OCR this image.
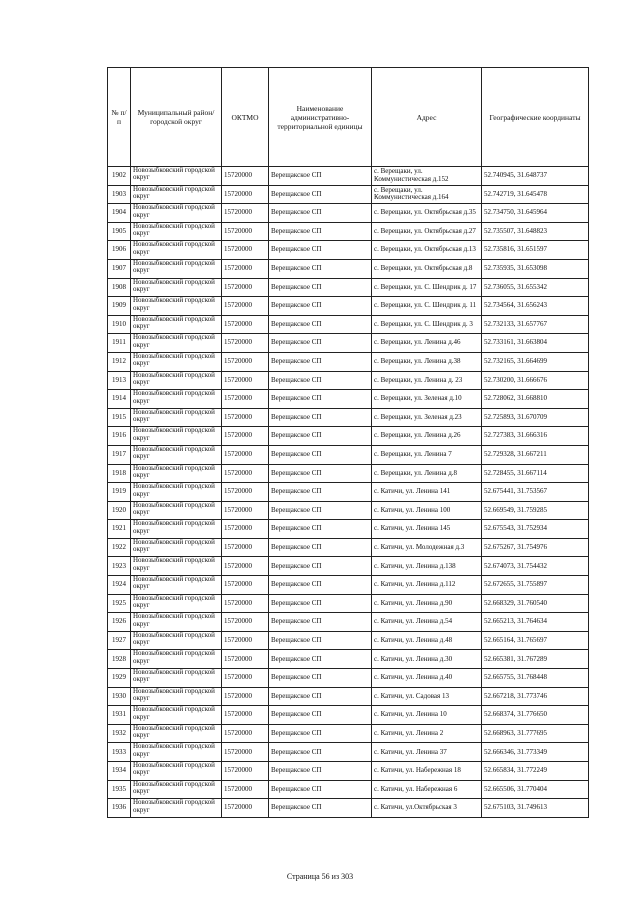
№ п/п	Муниципальный район/городской округ	ОКТМО	Наименование административно-территориальной единицы	Адрес	Географические координаты
1902	Новозыбковский городской округ	15720000	Верещакское СП	с. Верещаки, ул. Коммунистическая д.152	52.740945, 31.648737
1903	Новозыбковский городской округ	15720000	Верещакское СП	с. Верещаки, ул. Коммунистическая д.164	52.742719, 31.645478
1904	Новозыбковский городской округ	15720000	Верещакское СП	с. Верещаки, ул. Октябрьская д.35	52.734750, 31.645964
1905	Новозыбковский городской округ	15720000	Верещакское СП	с. Верещаки, ул. Октябрьская д.27	52.735507, 31.648823
1906	Новозыбковский городской округ	15720000	Верещакское СП	с. Верещаки, ул. Октябрьская д.13	52.735816, 31.651597
1907	Новозыбковский городской округ	15720000	Верещакское СП	с. Верещаки, ул. Октябрьская д.8	52.735935, 31.653098
1908	Новозыбковский городской округ	15720000	Верещакское СП	с. Верещаки, ул. С. Шендрик д. 17	52.736055, 31.655342
1909	Новозыбковский городской округ	15720000	Верещакское СП	с. Верещаки, ул. С. Шендрик д. 11	52.734564, 31.656243
1910	Новозыбковский городской округ	15720000	Верещакское СП	с. Верещаки, ул. С. Шендрик д. 3	52.732133, 31.657767
1911	Новозыбковский городской округ	15720000	Верещакское СП	с. Верещаки, ул. Ленина д.46	52.733161, 31.663804
1912	Новозыбковский городской округ	15720000	Верещакское СП	с. Верещаки, ул. Ленина д.38	52.732165, 31.664699
1913	Новозыбковский городской округ	15720000	Верещакское СП	с. Верещаки, ул. Ленина д. 23	52.730200, 31.666676
1914	Новозыбковский городской округ	15720000	Верещакское СП	с. Верещаки, ул. Зеленая д.10	52.728062, 31.668810
1915	Новозыбковский городской округ	15720000	Верещакское СП	с. Верещаки, ул. Зеленая д.23	52.725893, 31.670709
1916	Новозыбковский городской округ	15720000	Верещакское СП	с. Верещаки, ул. Ленина д.26	52.727383, 31.666316
1917	Новозыбковский городской округ	15720000	Верещакское СП	с. Верещаки, ул. Ленина 7	52.729328, 31.667211
1918	Новозыбковский городской округ	15720000	Верещакское СП	с. Верещаки, ул. Ленина д.8	52.728455, 31.667114
1919	Новозыбковский городской округ	15720000	Верещакское СП	с. Катичи, ул. Ленина 141	52.675441, 31.753567
1920	Новозыбковский городской округ	15720000	Верещакское СП	с. Катичи, ул. Ленина 100	52.669549, 31.759285
1921	Новозыбковский городской округ	15720000	Верещакское СП	с. Катичи, ул. Ленина 145	52.675543, 31.752934
1922	Новозыбковский городской округ	15720000	Верещакское СП	с. Катичи, ул. Молодежная д.3	52.675267, 31.754976
1923	Новозыбковский городской округ	15720000	Верещакское СП	с. Катичи, ул. Ленина д.138	52.674073, 31.754432
1924	Новозыбковский городской округ	15720000	Верещакское СП	с. Катичи, ул. Ленина д.112	52.672655, 31.755897
1925	Новозыбковский городской округ	15720000	Верещакское СП	с. Катичи, ул. Ленина д.90	52.668329, 31.760540
1926	Новозыбковский городской округ	15720000	Верещакское СП	с. Катичи, ул. Ленина д.54	52.665213, 31.764634
1927	Новозыбковский городской округ	15720000	Верещакское СП	с. Катичи, ул. Ленина д.48	52.665164, 31.765697
1928	Новозыбковский городской округ	15720000	Верещакское СП	с. Катичи, ул. Ленина д.30	52.665381, 31.767289
1929	Новозыбковский городской округ	15720000	Верещакское СП	с. Катичи, ул. Ленина д.40	52.665755, 31.768448
1930	Новозыбковский городской округ	15720000	Верещакское СП	с. Катичи, ул. Садовая 13	52.667218, 31.773746
1931	Новозыбковский городской округ	15720000	Верещакское СП	с. Катичи, ул. Ленина 10	52.668374, 31.776650
1932	Новозыбковский городской округ	15720000	Верещакское СП	с. Катичи, ул. Ленина 2	52.668963, 31.777695
1933	Новозыбковский городской округ	15720000	Верещакское СП	с. Катичи, ул. Ленина 37	52.666346, 31.773349
1934	Новозыбковский городской округ	15720000	Верещакское СП	с. Катичи, ул. Набережная 18	52.665834, 31.772249
1935	Новозыбковский городской округ	15720000	Верещакское СП	с. Катичи, ул. Набережная 6	52.665506, 31.770404
1936	Новозыбковский городской округ	15720000	Верещакское СП	с. Катичи, ул.Октябрьская 3	52.675103, 31.749613
Страница 56 из 303
